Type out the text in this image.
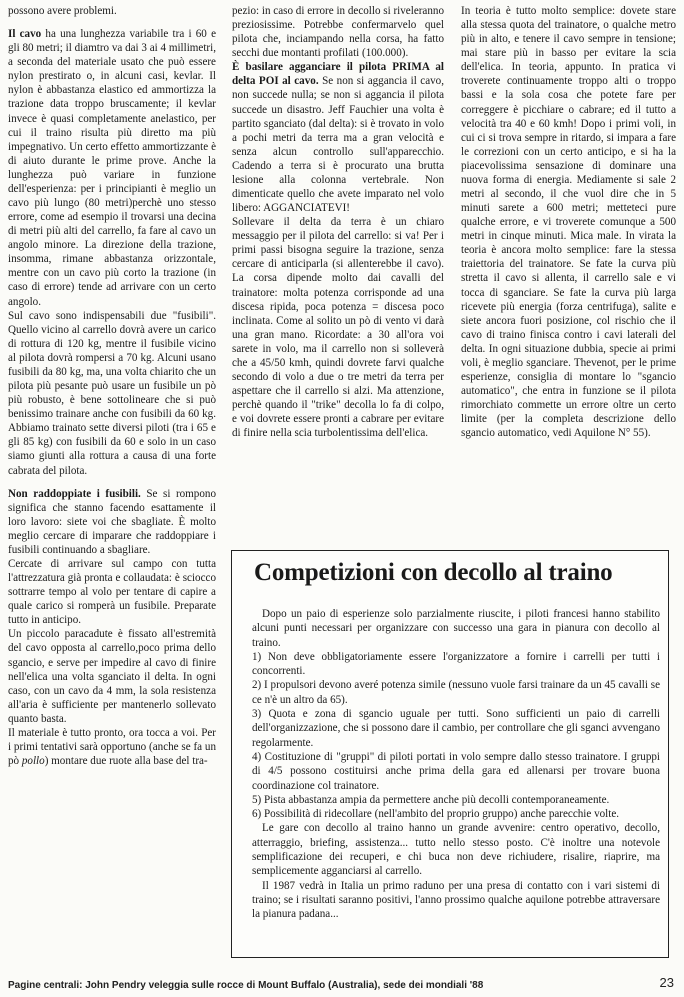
possono avere problemi.

Il cavo ha una lunghezza variabile tra i 60 e gli 80 metri; il diamtro va dai 3 ai 4 millimetri, a seconda del materiale usato che può essere nylon prestirato o, in alcuni casi, kevlar. Il nylon è abbastanza elastico ed ammortizza la trazione data troppo bruscamente; il kevlar invece è quasi completamente anelastico, per cui il traino risulta più diretto ma più impegnativo. Un certo effetto ammortizzante è di aiuto durante le prime prove. Anche la lunghezza può variare in funzione dell'esperienza: per i principianti è meglio un cavo più lungo (80 metri)perchè uno stesso errore, come ad esempio il trovarsi una decina di metri più alti del carrello, fa fare al cavo un angolo minore. La direzione della trazione, insomma, rimane abbastanza orizzontale, mentre con un cavo più corto la trazione (in caso di errore) tende ad arrivare con un certo angolo.

Sul cavo sono indispensabili due "fusibili". Quello vicino al carrello dovrà avere un carico di rottura di 120 kg, mentre il fusibile vicino al pilota dovrà rompersi a 70 kg. Alcuni usano fusibili da 80 kg, ma, una volta chiarito che un pilota più pesante può usare un fusibile un pò più robusto, è bene sottolineare che si può benissimo trainare anche con fusibili da 60 kg. Abbiamo trainato sette diversi piloti (tra i 65 e gli 85 kg) con fusibili da 60 e solo in un caso siamo giunti alla rottura a causa di una forte cabrata del pilota.

Non raddoppiate i fusibili. Se si rompono significa che stanno facendo esattamente il loro lavoro: siete voi che sbagliate. È molto meglio cercare di imparare che raddoppiare i fusibili continuando a sbagliare.

Cercate di arrivare sul campo con tutta l'attrezzatura già pronta e collaudata: è sciocco sottrarre tempo al volo per tentare di capire a quale carico si romperà un fusibile. Preparate tutto in anticipo.

Un piccolo paracadute è fissato all'estremità del cavo opposta al carrello,poco prima dello sgancio, e serve per impedire al cavo di finire nell'elica una volta sganciato il delta. In ogni caso, con un cavo da 4 mm, la sola resistenza all'aria è sufficiente per mantenerlo sollevato quanto basta.

Il materiale è tutto pronto, ora tocca a voi. Per i primi tentativi sarà opportuno (anche se fa un pò pollo) montare due ruote alla base del tra-

pezio: in caso di errore in decollo si riveleranno preziosissime. Potrebbe confermarvelo quel pilota che, inciampando nella corsa, ha fatto secchi due montanti profilati (100.000).

È basilare agganciare il pilota PRIMA al delta POI al cavo. Se non si aggancia il cavo, non succede nulla; se non si aggancia il pilota succede un disastro. Jeff Fauchier una volta è partito sganciato (dal delta): si è trovato in volo a pochi metri da terra ma a gran velocità e senza alcun controllo sull'apparecchio. Cadendo a terra si è procurato una brutta lesione alla colonna vertebrale. Non dimenticate quello che avete imparato nel volo libero: AGGANCIATEVI!

Sollevare il delta da terra è un chiaro messaggio per il pilota del carrello: si va! Per i primi passi bisogna seguire la trazione, senza cercare di anticiparla (si allenterebbe il cavo). La corsa dipende molto dai cavalli del trainatore: molta potenza corrisponde ad una discesa ripida, poca potenza = discesa poco inclinata. Come al solito un pò di vento vi darà una gran mano. Ricordate: a 30 all'ora voi sarete in volo, ma il carrello non si solleverà che a 45/50 kmh, quindi dovrete farvi qualche secondo di volo a due o tre metri da terra per aspettare che il carrello si alzi. Ma attenzione, perchè quando il "trike" decolla lo fa di colpo, e voi dovrete essere pronti a cabrare per evitare di finire nella scia turbolentissima dell'elica.

In teoria è tutto molto semplice: dovete stare alla stessa quota del trainatore, o qualche metro più in alto, e tenere il cavo sempre in tensione; mai stare più in basso per evitare la scia dell'elica. In teoria, appunto. In pratica vi troverete continuamente troppo alti o troppo bassi e la sola cosa che potete fare per correggere è picchiare o cabrare; ed il tutto a velocità tra 40 e 60 kmh! Dopo i primi voli, in cui ci si trova sempre in ritardo, si impara a fare le correzioni con un certo anticipo, e si ha la piacevolissima sensazione di dominare una nuova forma di energia. Mediamente si sale 2 metri al secondo, il che vuol dire che in 5 minuti sarete a 600 metri; metteteci pure qualche errore, e vi troverete comunque a 500 metri in cinque minuti. Mica male. In virata la teoria è ancora molto semplice: fare la stessa traiettoria del trainatore. Se fate la curva più stretta il cavo si allenta, il carrello sale e vi tocca di sganciare. Se fate la curva più larga ricevete più energia (forza centrifuga), salite e siete ancora fuori posizione, col rischio che il cavo di traino finisca contro i cavi laterali del delta. In ogni situazione dubbia, specie ai primi voli, è meglio sganciare. Thevenot, per le prime esperienze, consiglia di montare lo "sgancio automatico", che entra in funzione se il pilota rimorchiato commette un errore oltre un certo limite (per la completa descrizione dello sgancio automatico, vedi Aquilone N° 55).

Competizioni con decollo al traino

Dopo un paio di esperienze solo parzialmente riuscite, i piloti francesi hanno stabilito alcuni punti necessari per organizzare con successo una gara in pianura con decollo al traino.

1) Non deve obbligatoriamente essere l'organizzatore a fornire i carrelli per tutti i concorrenti.

2) I propulsori devono averé potenza simile (nessuno vuole farsi trainare da un 45 cavalli se ce n'è un altro da 65).

3) Quota e zona di sgancio uguale per tutti. Sono sufficienti un paio di carrelli dell'organizzazione, che si possono dare il cambio, per controllare che gli sganci avvengano regolarmente.

4) Costituzione di "gruppi" di piloti portati in volo sempre dallo stesso trainatore. I gruppi di 4/5 possono costituirsi anche prima della gara ed allenarsi per trovare buona coordinazione col trainatore.

5) Pista abbastanza ampia da permettere anche più decolli contemporaneamente.

6) Possibilità di ridecollare (nell'ambito del proprio gruppo) anche parecchie volte.

Le gare con decollo al traino hanno un grande avvenire: centro operativo, decollo, atterraggio, briefing, assistenza... tutto nello stesso posto. C'è inoltre una notevole semplificazione dei recuperi, e chi buca non deve richiudere, risalire, riaprire, ma semplicemente agganciarsi al carrello.

Il 1987 vedrà in Italia un primo raduno per una presa di contatto con i vari sistemi di traino; se i risultati saranno positivi, l'anno prossimo qualche aquilone potrebbe attraversare la pianura padana...

Pagine centrali: John Pendry veleggia sulle rocce di Mount Buffalo (Australia), sede dei mondiali '88	23
